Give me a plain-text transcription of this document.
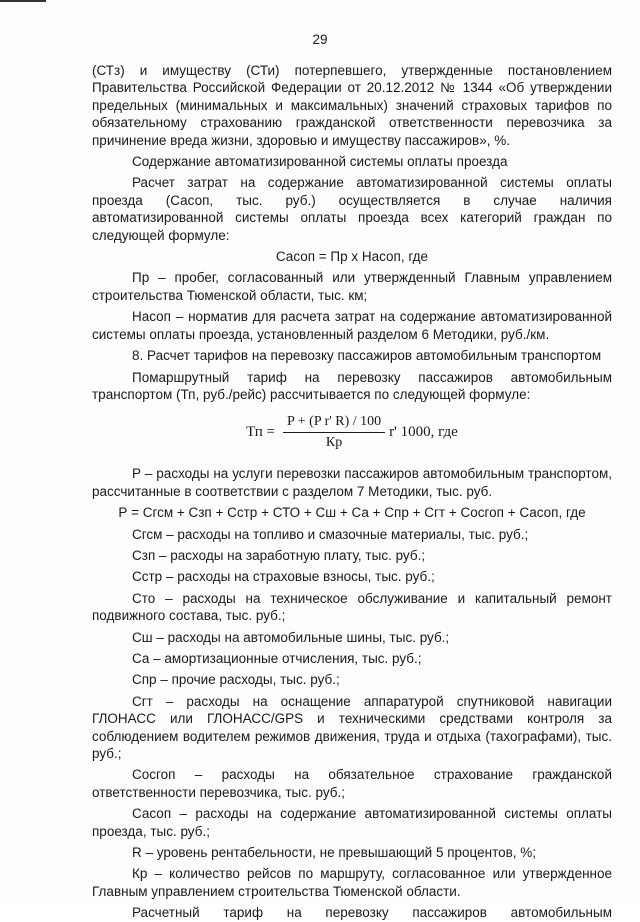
29

(СТз) и имуществу (СТи) потерпевшего, утвержденные постановлением Правительства Российской Федерации от 20.12.2012 № 1344 «Об утверждении предельных (минимальных и максимальных) значений страховых тарифов по обязательному страхованию гражданской ответственности перевозчика за причинение вреда жизни, здоровью и имуществу пассажиров», %.

Содержание автоматизированной системы оплаты проезда

Расчет затрат на содержание автоматизированной системы оплаты проезда (Сасоп, тыс. руб.) осуществляется в случае наличия автоматизированной системы оплаты проезда всех категорий граждан по следующей формуле:

Сасоп = Пр x Насоп, где

Пр – пробег, согласованный или утвержденный Главным управлением строительства Тюменской области, тыс. км;

Насоп – норматив для расчета затрат на содержание автоматизированной системы оплаты проезда, установленный разделом 6 Методики, руб./км.

8. Расчет тарифов на перевозку пассажиров автомобильным транспортом

Помаршрутный тариф на перевозку пассажиров автомобильным транспортом (Тп, руб./рейс) рассчитывается по следующей формуле:

Тп = $\frac{\text{P + (P r' R) / 100}}{Кр} r'$ 1000, где

Р – расходы на услуги перевозки пассажиров автомобильным транспортом, рассчитанные в соответствии с разделом 7 Методики, тыс. руб.

Р = Сгсм + Сзп + Сстр + СТО + Сш + Са + Спр + Сгт + Сосгоп + Сасоп, где

Сгсм – расходы на топливо и смазочные материалы, тыс. руб.;

Сзп – расходы на заработную плату, тыс. руб.;

Сстр – расходы на страховые взносы, тыс. руб.;

Сто – расходы на техническое обслуживание и капитальный ремонт подвижного состава, тыс. руб.;

Сш – расходы на автомобильные шины, тыс. руб.;

Са – амортизационные отчисления, тыс. руб.;

Спр – прочие расходы, тыс. руб.;

Сгт – расходы на оснащение аппаратурой спутниковой навигации ГЛОНАСС или ГЛОНАСС/GPS и техническими средствами контроля за соблюдением водителем режимов движения, труда и отдыха (тахографами), тыс. руб.;

Сосгоп – расходы на обязательное страхование гражданской ответственности перевозчика, тыс. руб.;

Сасоп – расходы на содержание автоматизированной системы оплаты проезда, тыс. руб.;

R – уровень рентабельности, не превышающий 5 процентов, %;

Кр – количество рейсов по маршруту, согласованное или утвержденное Главным управлением строительства Тюменской области.

Расчетный тариф на перевозку пассажиров автомобильным
